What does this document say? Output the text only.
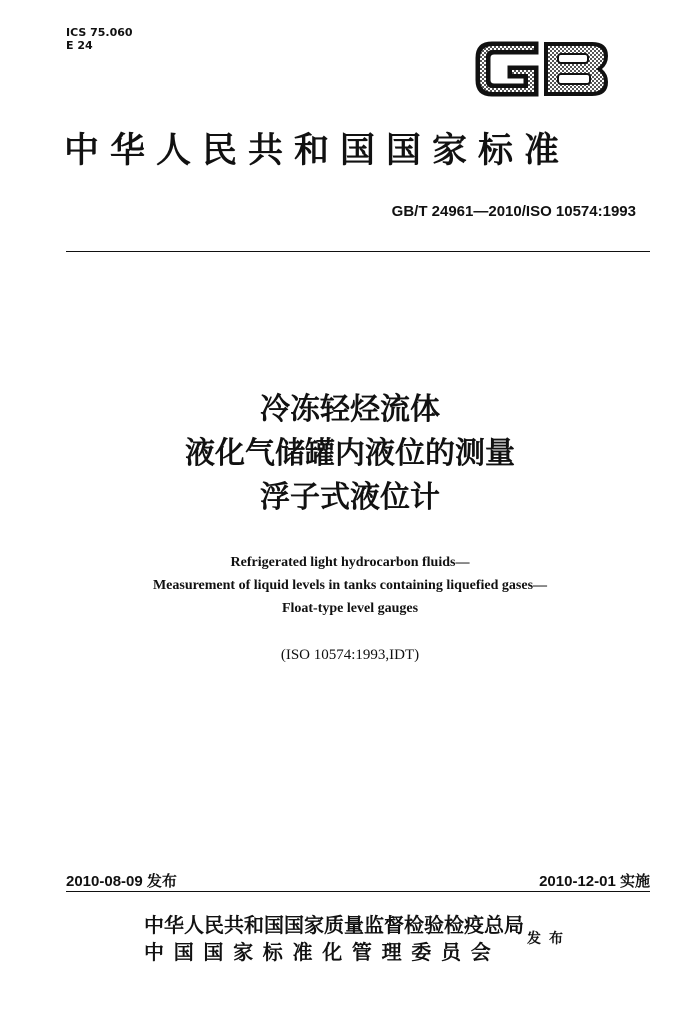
ICS 75.060
E 24
中华人民共和国国家标准
GB/T 24961—2010/ISO 10574:1993
冷冻轻烃流体
液化气储罐内液位的测量
浮子式液位计
Refrigerated light hydrocarbon fluids—
Measurement of liquid levels in tanks containing liquefied gases—
Float-type level gauges
(ISO 10574:1993,IDT)
2010-08-09 发布	2010-12-01 实施
中华人民共和国国家质量监督检验检疫总局
中国国家标准化管理委员会
发布
